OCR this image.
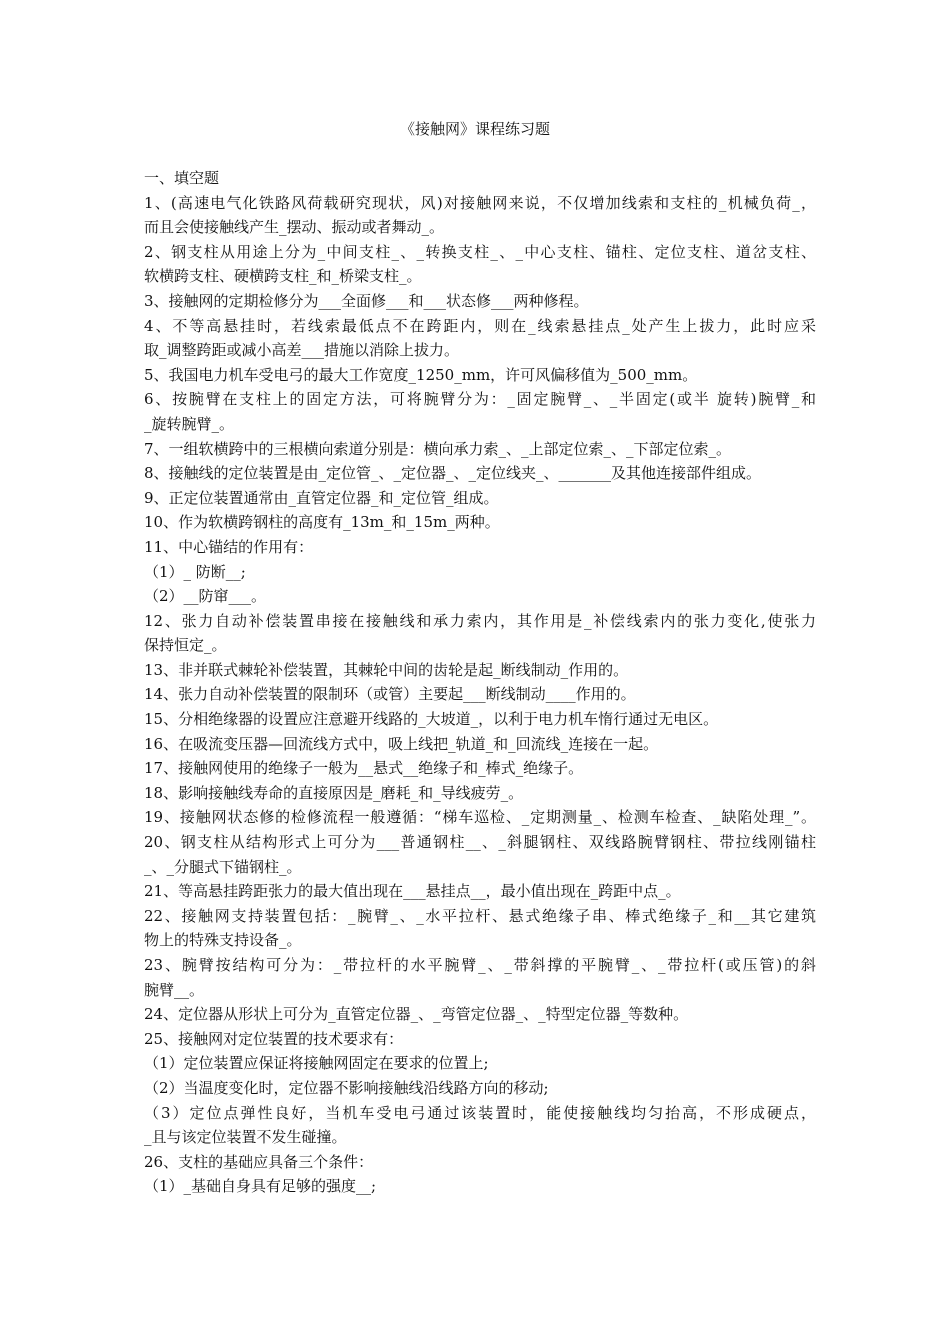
《接触网》课程练习题
一、填空题
1、(高速电气化铁路风荷载研究现状，风)对接触网来说，不仅增加线索和支柱的_机械负荷_，
而且会使接触线产生_摆动、振动或者舞动_。
2、钢支柱从用途上分为_中间支柱_、_转换支柱_、_中心支柱、锚柱、定位支柱、道岔支柱、
软横跨支柱、硬横跨支柱_和_桥梁支柱_。
3、接触网的定期检修分为___全面修___和___状态修___两种修程。
4、不等高悬挂时，若线索最低点不在跨距内，则在_线索悬挂点_处产生上拔力，此时应采
取_调整跨距或减小高差___措施以消除上拔力。
5、我国电力机车受电弓的最大工作宽度_1250_mm，许可风偏移值为_500_mm。
6、按腕臂在支柱上的固定方法，可将腕臂分为：_固定腕臂_、_半固定(或半 旋转)腕臂_和
_旋转腕臂_。
7、一组软横跨中的三根横向索道分别是：横向承力索_、_上部定位索_、_下部定位索_。
8、接触线的定位装置是由_定位管_、_定位器_、_定位线夹_、_______及其他连接部件组成。
9、正定位装置通常由_直管定位器_和_定位管_组成。
10、作为软横跨钢柱的高度有_13m_和_15m_两种。
11、中心锚结的作用有：
（1）_ 防断__;
（2）__防窜___。
12、张力自动补偿装置串接在接触线和承力索内，其作用是_补偿线索内的张力变化,使张力
保持恒定_。
13、非并联式棘轮补偿装置，其棘轮中间的齿轮是起_断线制动_作用的。
14、张力自动补偿装置的限制环（或管）主要起___断线制动____作用的。
15、分相绝缘器的设置应注意避开线路的_大坡道_，以利于电力机车惰行通过无电区。
16、在吸流变压器—回流线方式中，吸上线把_轨道_和_回流线_连接在一起。
17、接触网使用的绝缘子一般为__悬式__绝缘子和_棒式_绝缘子。
18、影响接触线寿命的直接原因是_磨耗_和_导线疲劳_。
19、接触网状态修的检修流程一般遵循：“梯车巡检、_定期测量_、检测车检查、_缺陷处理_”。
20、钢支柱从结构形式上可分为___普通钢柱__、_斜腿钢柱、双线路腕臂钢柱、带拉线刚锚柱
_、_分腿式下锚钢柱_。
21、等高悬挂跨距张力的最大值出现在___悬挂点__，最小值出现在_跨距中点_。
22、接触网支持装置包括：_腕臂_、_水平拉杆、悬式绝缘子串、棒式绝缘子_和__其它建筑
物上的特殊支持设备_。
23、腕臂按结构可分为：_带拉杆的水平腕臂_、_带斜撑的平腕臂_、_带拉杆(或压管)的斜
腕臂__。
24、定位器从形状上可分为_直管定位器_、_弯管定位器_、_特型定位器_等数种。
25、接触网对定位装置的技术要求有：
（1）定位装置应保证将接触网固定在要求的位置上;
（2）当温度变化时，定位器不影响接触线沿线路方向的移动;
（3）定位点弹性良好，当机车受电弓通过该装置时，能使接触线均匀抬高，不形成硬点，
_且与该定位装置不发生碰撞。
26、支柱的基础应具备三个条件：
（1）_基础自身具有足够的强度__;
